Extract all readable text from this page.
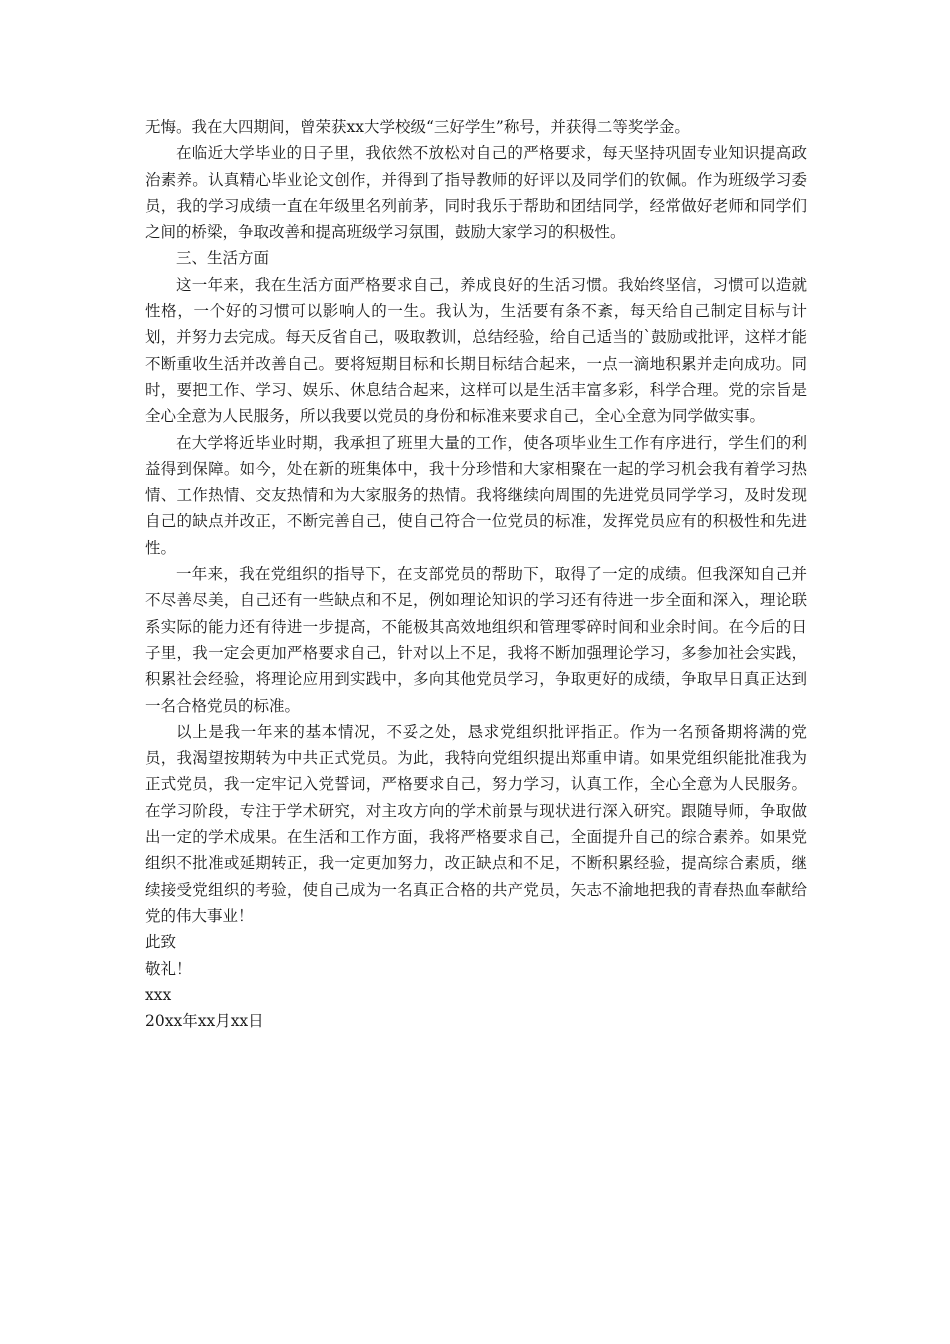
无悔。我在大四期间，曾荣获xx大学校级“三好学生”称号，并获得二等奖学金。

在临近大学毕业的日子里，我依然不放松对自己的严格要求，每天坚持巩固专业知识提高政治素养。认真精心毕业论文创作，并得到了指导教师的好评以及同学们的钦佩。作为班级学习委员，我的学习成绩一直在年级里名列前茅，同时我乐于帮助和团结同学，经常做好老师和同学们之间的桥梁，争取改善和提高班级学习氛围，鼓励大家学习的积极性。

三、生活方面

这一年来，我在生活方面严格要求自己，养成良好的生活习惯。我始终坚信，习惯可以造就性格，一个好的习惯可以影响人的一生。我认为，生活要有条不紊，每天给自己制定目标与计划，并努力去完成。每天反省自己，吸取教训，总结经验，给自己适当的`鼓励或批评，这样才能不断重收生活并改善自己。要将短期目标和长期目标结合起来，一点一滴地积累并走向成功。同时，要把工作、学习、娱乐、休息结合起来，这样可以是生活丰富多彩，科学合理。党的宗旨是全心全意为人民服务，所以我要以党员的身份和标准来要求自己，全心全意为同学做实事。

在大学将近毕业时期，我承担了班里大量的工作，使各项毕业生工作有序进行，学生们的利益得到保障。如今，处在新的班集体中，我十分珍惜和大家相聚在一起的学习机会我有着学习热情、工作热情、交友热情和为大家服务的热情。我将继续向周围的先进党员同学学习，及时发现自己的缺点并改正，不断完善自己，使自己符合一位党员的标准，发挥党员应有的积极性和先进性。

一年来，我在党组织的指导下，在支部党员的帮助下，取得了一定的成绩。但我深知自己并不尽善尽美，自己还有一些缺点和不足，例如理论知识的学习还有待进一步全面和深入，理论联系实际的能力还有待进一步提高，不能极其高效地组织和管理零碎时间和业余时间。在今后的日子里，我一定会更加严格要求自己，针对以上不足，我将不断加强理论学习，多参加社会实践，积累社会经验，将理论应用到实践中，多向其他党员学习，争取更好的成绩，争取早日真正达到一名合格党员的标准。

以上是我一年来的基本情况，不妥之处，恳求党组织批评指正。作为一名预备期将满的党员，我渴望按期转为中共正式党员。为此，我特向党组织提出郑重申请。如果党组织能批准我为正式党员，我一定牢记入党誓词，严格要求自己，努力学习，认真工作，全心全意为人民服务。在学习阶段，专注于学术研究，对主攻方向的学术前景与现状进行深入研究。跟随导师，争取做出一定的学术成果。在生活和工作方面，我将严格要求自己，全面提升自己的综合素养。如果党组织不批准或延期转正，我一定更加努力，改正缺点和不足，不断积累经验，提高综合素质，继续接受党组织的考验，使自己成为一名真正合格的共产党员，矢志不渝地把我的青春热血奉献给党的伟大事业！

此致

敬礼！

xxx

20xx年xx月xx日
